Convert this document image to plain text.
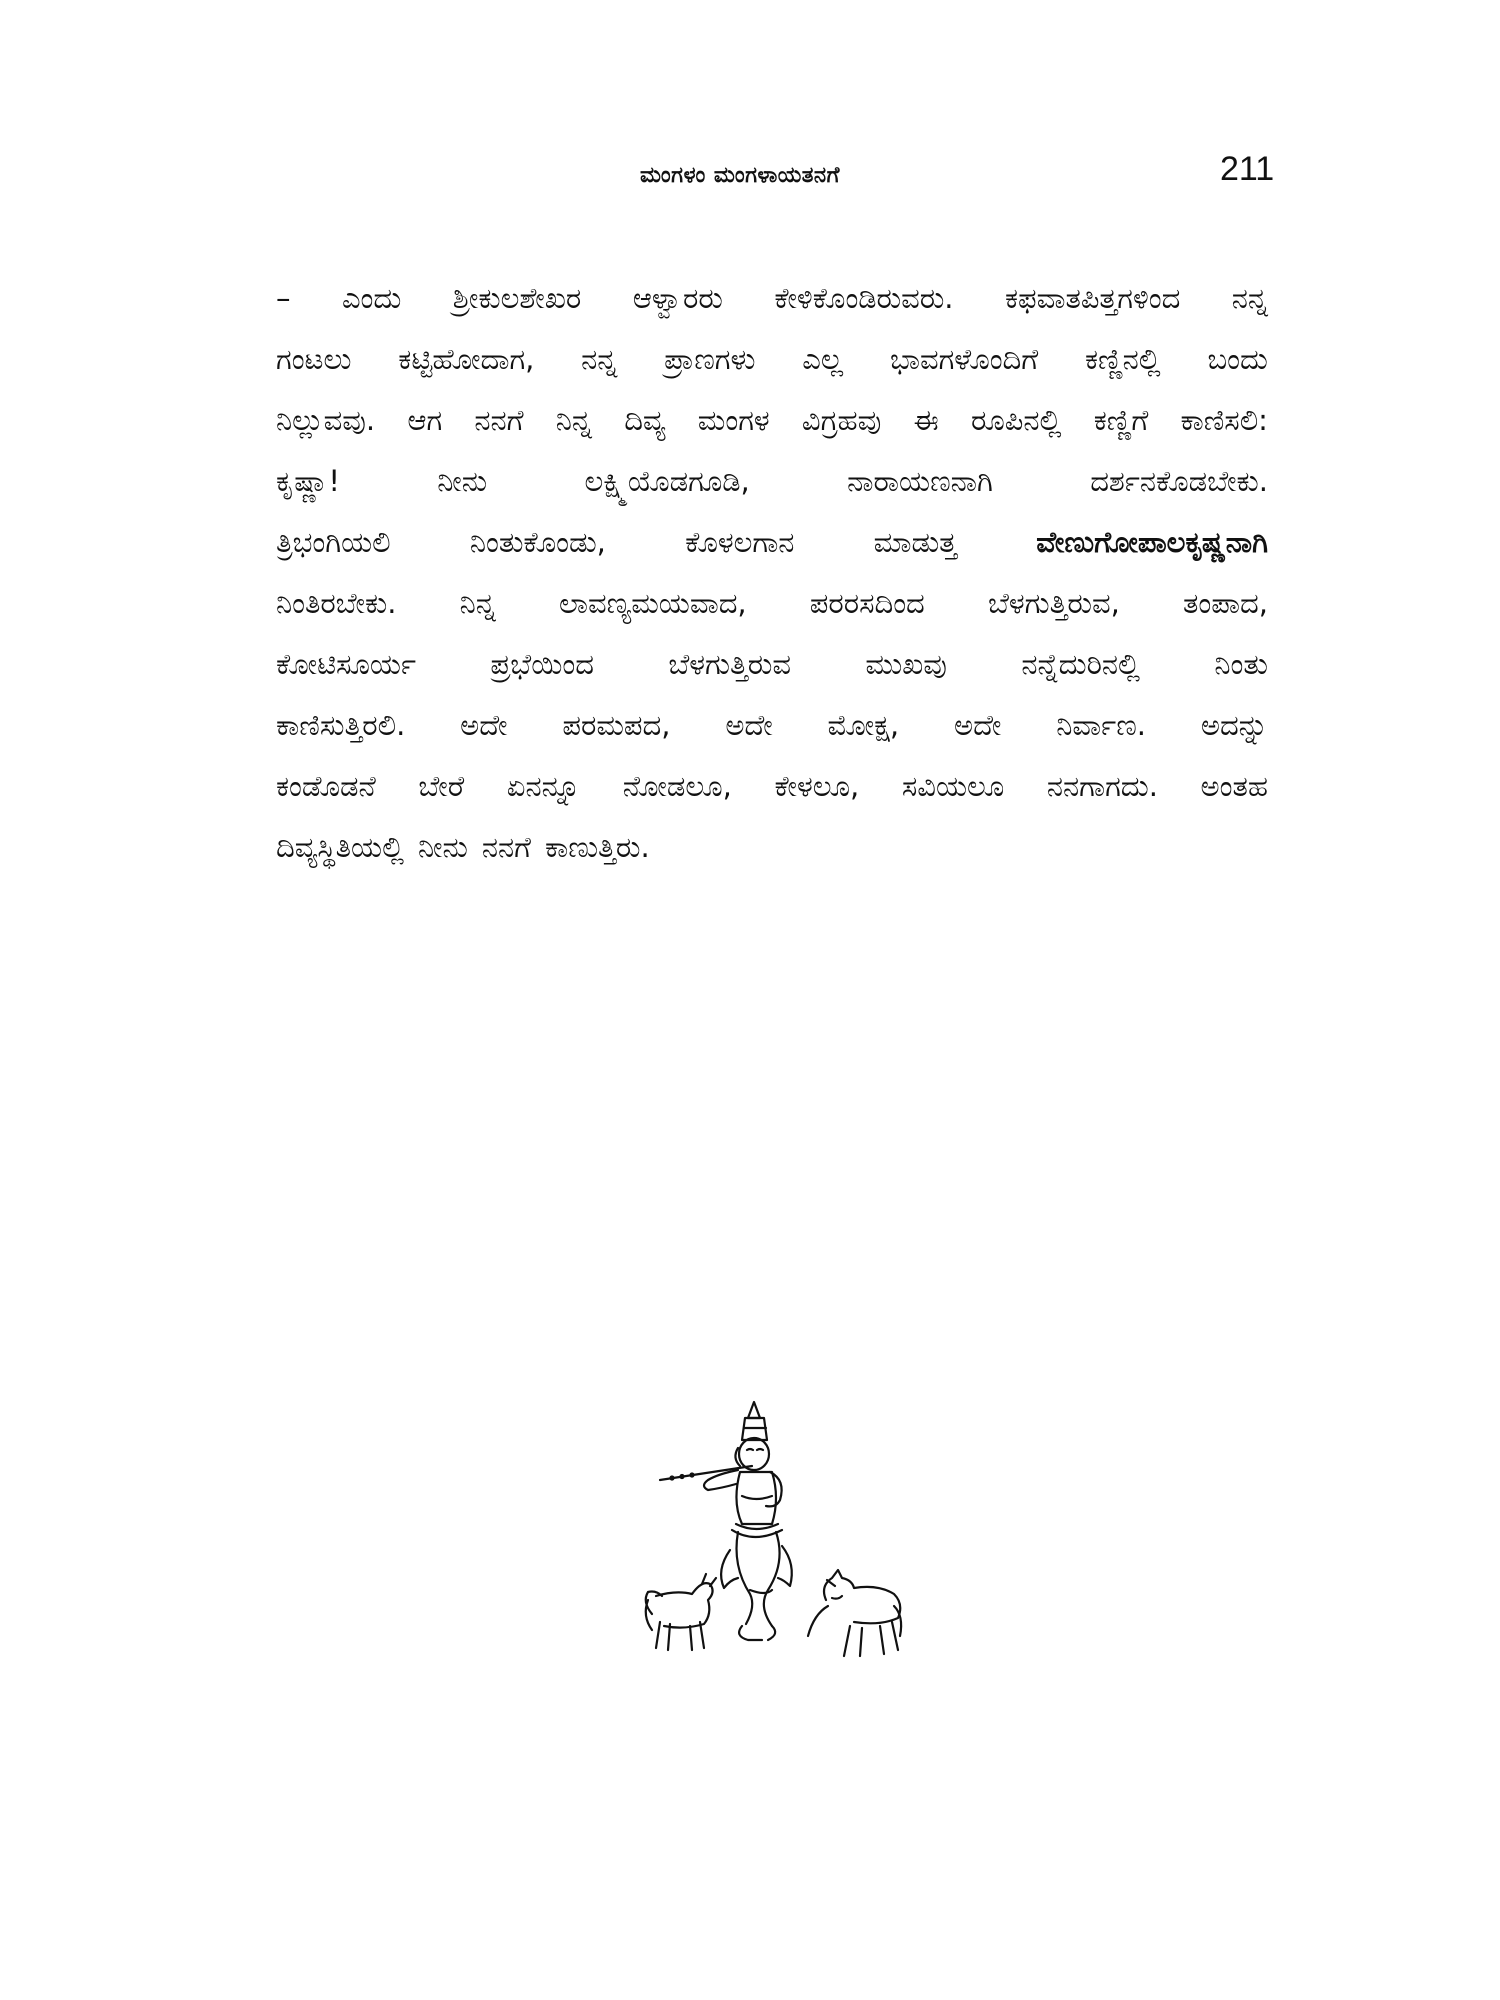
ಮಂಗಳಂ ಮಂಗಳಾಯತನಗೆ	211
– ಎಂದು ಶ್ರೀಕುಲಶೇಖರ ಆಳ್ವಾರರು ಕೇಳಿಕೊಂಡಿರುವರು. ಕಫವಾತಪಿತ್ತಗಳಿಂದ ನನ್ನ
ಗಂಟಲು ಕಟ್ಟಿಹೋದಾಗ, ನನ್ನ ಪ್ರಾಣಗಳು ಎಲ್ಲ ಭಾವಗಳೊಂದಿಗೆ ಕಣ್ಣಿನಲ್ಲಿ ಬಂದು
ನಿಲ್ಲುವವು. ಆಗ ನನಗೆ ನಿನ್ನ ದಿವ್ಯ ಮಂಗಳ ವಿಗ್ರಹವು ಈ ರೂಪಿನಲ್ಲಿ ಕಣ್ಣಿಗೆ ಕಾಣಿಸಲಿ:
ಕೃಷ್ಣಾ!	ನೀನು	ಲಕ್ಷ್ಮಿಯೊಡಗೂಡಿ,	ನಾರಾಯಣನಾಗಿ	ದರ್ಶನಕೊಡಬೇಕು.
ತ್ರಿಭಂಗಿಯಲಿ	ನಿಂತುಕೊಂಡು,	ಕೊಳಲಗಾನ	ಮಾಡುತ್ತ	ವೇಣುಗೋಪಾಲಕೃಷ್ಣನಾಗಿ
ನಿಂತಿರಬೇಕು. ನಿನ್ನ ಲಾವಣ್ಯಮಯವಾದ, ಪರರಸದಿಂದ ಬೆಳಗುತ್ತಿರುವ, ತಂಪಾದ,
ಕೋಟಿಸೂರ್ಯ	ಪ್ರಭೆಯಿಂದ	ಬೆಳಗುತ್ತಿರುವ	ಮುಖವು	ನನ್ನೆದುರಿನಲ್ಲಿ	ನಿಂತು
ಕಾಣಿಸುತ್ತಿರಲಿ. ಅದೇ ಪರಮಪದ, ಅದೇ ಮೋಕ್ಷ, ಅದೇ ನಿರ್ವಾಣ. ಅದನ್ನು
ಕಂಡೊಡನೆ ಬೇರೆ ಏನನ್ನೂ ನೋಡಲೂ, ಕೇಳಲೂ, ಸವಿಯಲೂ ನನಗಾಗದು. ಅಂತಹ
ದಿವ್ಯಸ್ಥಿತಿಯಲ್ಲಿ ನೀನು ನನಗೆ ಕಾಣುತ್ತಿರು.
